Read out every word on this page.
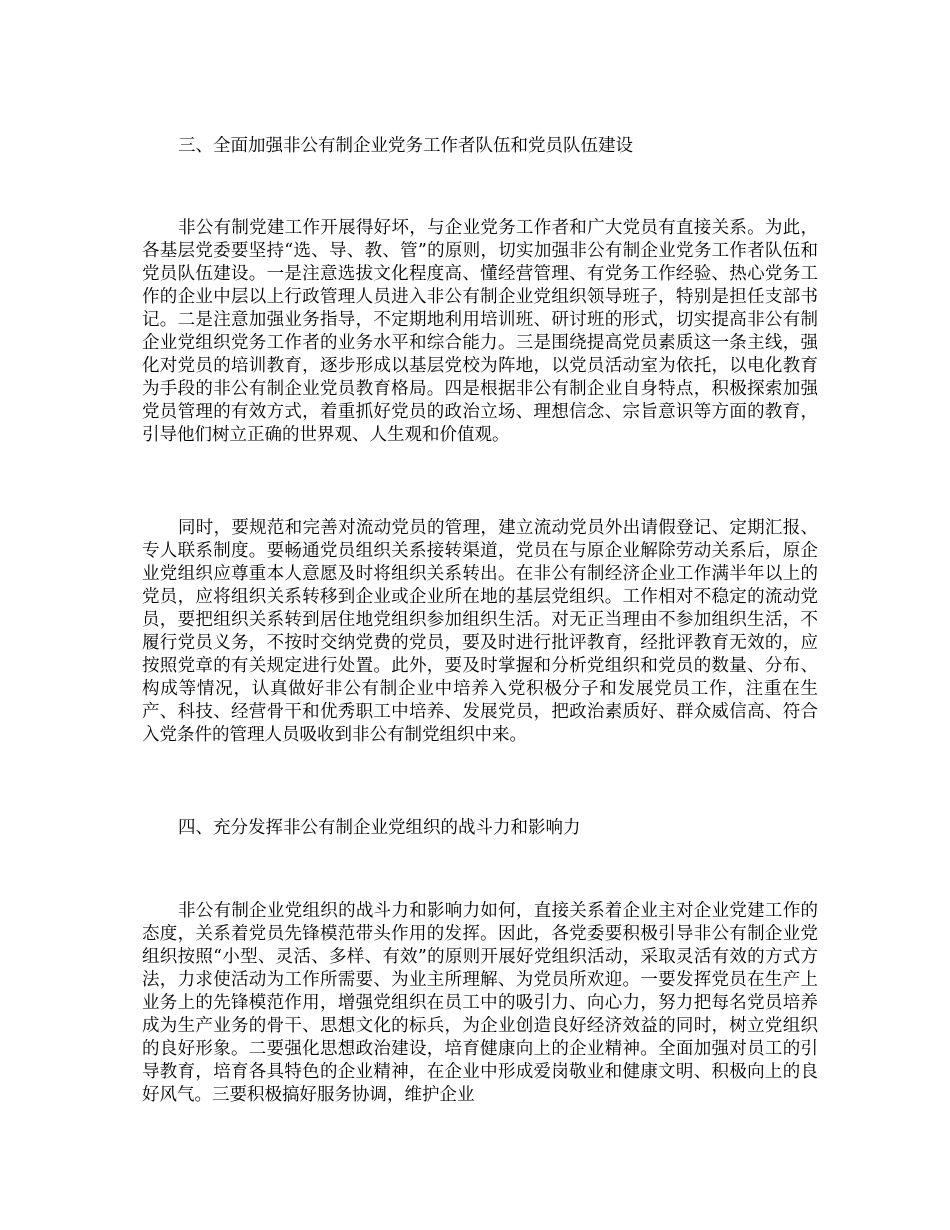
三、全面加强非公有制企业党务工作者队伍和党员队伍建设

非公有制党建工作开展得好坏，与企业党务工作者和广大党员有直接关系。为此，各基层党委要坚持“选、导、教、管”的原则，切实加强非公有制企业党务工作者队伍和党员队伍建设。一是注意选拔文化程度高、懂经营管理、有党务工作经验、热心党务工作的企业中层以上行政管理人员进入非公有制企业党组织领导班子，特别是担任支部书记。二是注意加强业务指导，不定期地利用培训班、研讨班的形式，切实提高非公有制企业党组织党务工作者的业务水平和综合能力。三是围绕提高党员素质这一条主线，强化对党员的培训教育，逐步形成以基层党校为阵地，以党员活动室为依托，以电化教育为手段的非公有制企业党员教育格局。四是根据非公有制企业自身特点，积极探索加强党员管理的有效方式，着重抓好党员的政治立场、理想信念、宗旨意识等方面的教育，引导他们树立正确的世界观、人生观和价值观。

同时，要规范和完善对流动党员的管理，建立流动党员外出请假登记、定期汇报、专人联系制度。要畅通党员组织关系接转渠道，党员在与原企业解除劳动关系后，原企业党组织应尊重本人意愿及时将组织关系转出。在非公有制经济企业工作满半年以上的党员，应将组织关系转移到企业或企业所在地的基层党组织。工作相对不稳定的流动党员，要把组织关系转到居住地党组织参加组织生活。对无正当理由不参加组织生活，不履行党员义务，不按时交纳党费的党员，要及时进行批评教育，经批评教育无效的，应按照党章的有关规定进行处置。此外，要及时掌握和分析党组织和党员的数量、分布、构成等情况，认真做好非公有制企业中培养入党积极分子和发展党员工作，注重在生产、科技、经营骨干和优秀职工中培养、发展党员，把政治素质好、群众威信高、符合入党条件的管理人员吸收到非公有制党组织中来。

四、充分发挥非公有制企业党组织的战斗力和影响力

非公有制企业党组织的战斗力和影响力如何，直接关系着企业主对企业党建工作的态度，关系着党员先锋模范带头作用的发挥。因此，各党委要积极引导非公有制企业党组织按照“小型、灵活、多样、有效”的原则开展好党组织活动，采取灵活有效的方式方法，力求使活动为工作所需要、为业主所理解、为党员所欢迎。一要发挥党员在生产上业务上的先锋模范作用，增强党组织在员工中的吸引力、向心力，努力把每名党员培养成为生产业务的骨干、思想文化的标兵，为企业创造良好经济效益的同时，树立党组织的良好形象。二要强化思想政治建设，培育健康向上的企业精神。全面加强对员工的引导教育，培育各具特色的企业精神，在企业中形成爱岗敬业和健康文明、积极向上的良好风气。三要积极搞好服务协调，维护企业
